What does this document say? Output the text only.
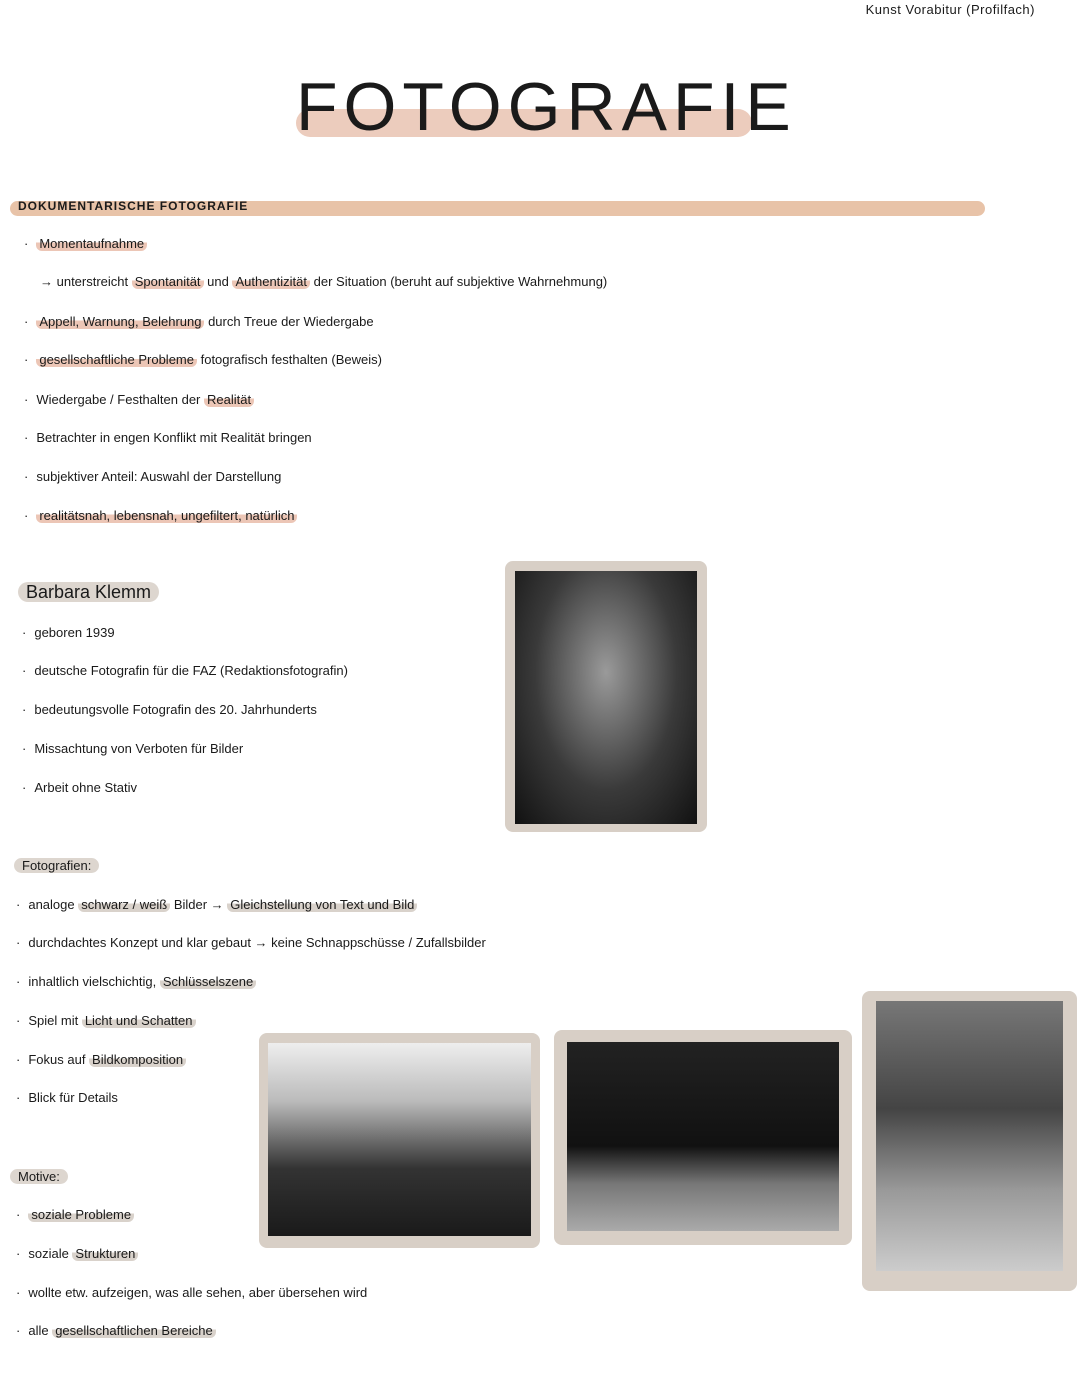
Kunst Vorabitur (Profilfach)
FOTOGRAFIE
DOKUMENTARISCHE FOTOGRAFIE
· Momentaufnahme
→ unterstreicht Spontanität und Authentizität der Situation (beruht auf subjektive Wahrnehmung)
· Appell, Warnung, Belehrung durch Treue der Wiedergabe
· gesellschaftliche Probleme fotografisch festhalten (Beweis)
· Wiedergabe / Festhalten der Realität
· Betrachter in engen Konflikt mit Realität bringen
· subjektiver Anteil: Auswahl der Darstellung
· realitätsnah, lebensnah, ungefiltert, natürlich
Barbara Klemm
· geboren 1939
· deutsche Fotografin für die FAZ (Redaktionsfotografin)
· bedeutungsvolle Fotografin des 20. Jahrhunderts
· Missachtung von Verboten für Bilder
· Arbeit ohne Stativ
Fotografien:
· analoge schwarz / weiß Bilder → Gleichstellung von Text und Bild
· durchdachtes Konzept und klar gebaut → keine Schnappschüsse / Zufallsbilder
· inhaltlich vielschichtig, Schlüsselszene
· Spiel mit Licht und Schatten
· Fokus auf Bildkomposition
· Blick für Details
Motive:
· soziale Probleme
· soziale Strukturen
· wollte etw. aufzeigen, was alle sehen, aber übersehen wird
· alle gesellschaftlichen Bereiche
